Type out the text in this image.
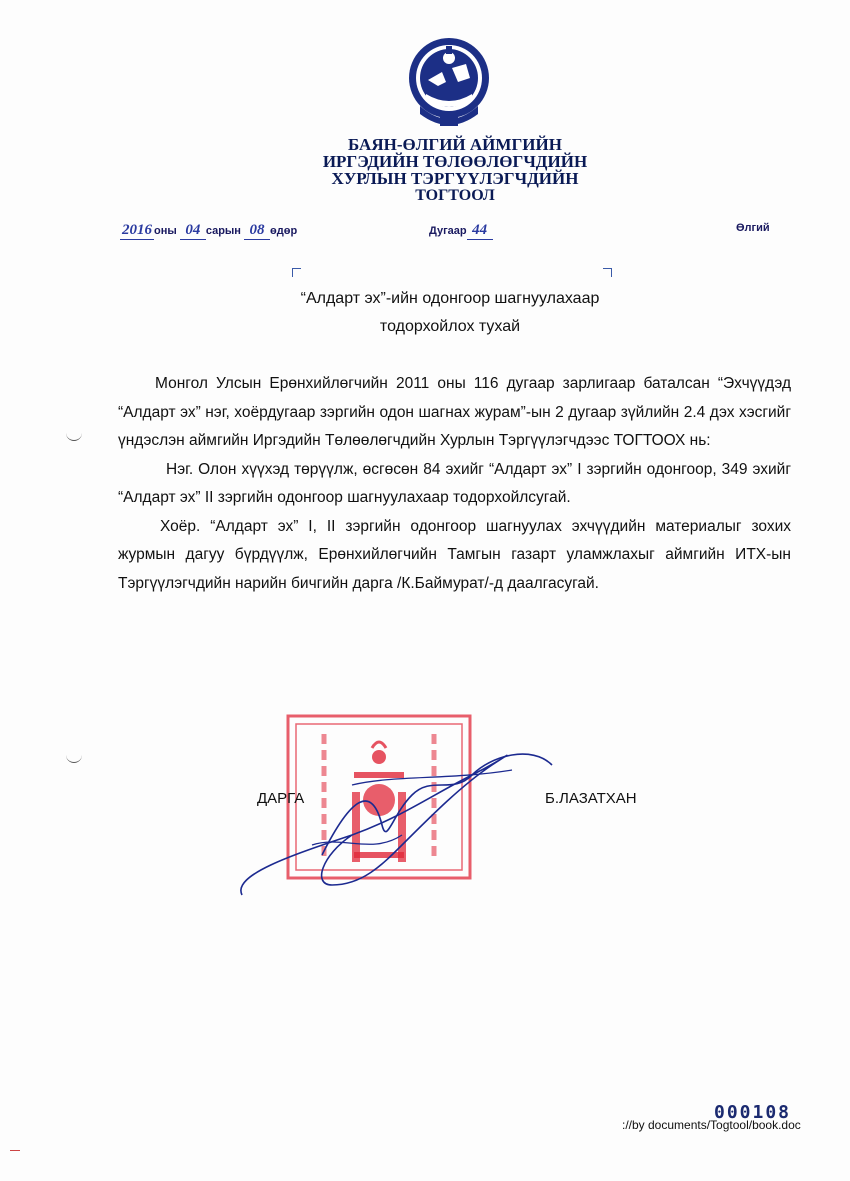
БАЯН-ӨЛГИЙ АЙМГИЙН
ИРГЭДИЙН ТӨЛӨӨЛӨГЧДИЙН
ХУРЛЫН ТЭРГҮҮЛЭГЧДИЙН
ТОГТООЛ
2016 оны 04 сарын 08 өдөр	Дугаар 44	Өлгий
“Алдарт эх”-ийн одонгоор шагнуулахаар
тодорхойлох тухай

Монгол Улсын Ерөнхийлөгчийн 2011 оны 116 дугаар зарлигаар баталсан “Эхчүүдэд “Алдарт эх” нэг, хоёрдугаар зэргийн одон шагнах журам”-ын 2 дугаар зүйлийн 2.4 дэх хэсгийг үндэслэн аймгийн Иргэдийн Төлөөлөгчдийн Хурлын Тэргүүлэгчдээс ТОГТООХ нь:

Нэг. Олон хүүхэд төрүүлж, өсгөсөн 84 эхийг “Алдарт эх” I зэргийн одонгоор, 349 эхийг “Алдарт эх” II зэргийн одонгоор шагнуулахаар тодорхойлсугай.

Хоёр. “Алдарт эх” I, II зэргийн одонгоор шагнуулах эхчүүдийн материалыг зохих журмын дагуу бүрдүүлж, Ерөнхийлөгчийн Тамгын газарт уламжлахыг аймгийн ИТХ-ын Тэргүүлэгчдийн нарийн бичгийн дарга /К.Баймурат/-д даалгасугай.

ДАРГА	Б.ЛАЗАТХАН
000108
://by documents/Togtool/book.doc
